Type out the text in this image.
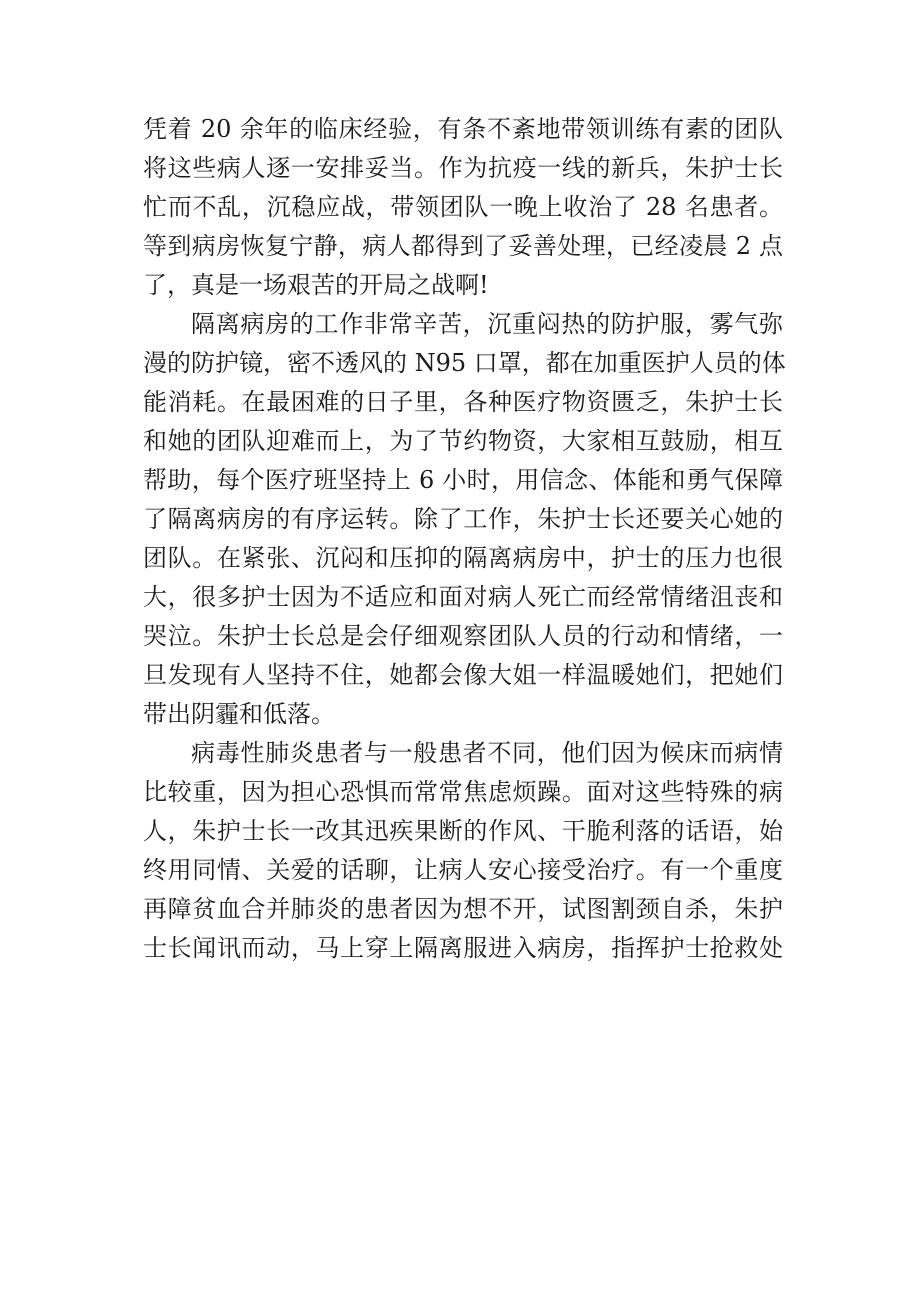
凭着 20 余年的临床经验，有条不紊地带领训练有素的团队
将这些病人逐一安排妥当。作为抗疫一线的新兵，朱护士长
忙而不乱，沉稳应战，带领团队一晚上收治了 28 名患者。
等到病房恢复宁静，病人都得到了妥善处理，已经凌晨 2 点
了，真是一场艰苦的开局之战啊!
隔离病房的工作非常辛苦，沉重闷热的防护服，雾气弥
漫的防护镜，密不透风的 N95 口罩，都在加重医护人员的体
能消耗。在最困难的日子里，各种医疗物资匮乏，朱护士长
和她的团队迎难而上，为了节约物资，大家相互鼓励，相互
帮助，每个医疗班坚持上 6 小时，用信念、体能和勇气保障
了隔离病房的有序运转。除了工作，朱护士长还要关心她的
团队。在紧张、沉闷和压抑的隔离病房中，护士的压力也很
大，很多护士因为不适应和面对病人死亡而经常情绪沮丧和
哭泣。朱护士长总是会仔细观察团队人员的行动和情绪，一
旦发现有人坚持不住，她都会像大姐一样温暖她们，把她们
带出阴霾和低落。
病毒性肺炎患者与一般患者不同，他们因为候床而病情
比较重，因为担心恐惧而常常焦虑烦躁。面对这些特殊的病
人，朱护士长一改其迅疾果断的作风、干脆利落的话语，始
终用同情、关爱的话聊，让病人安心接受治疗。有一个重度
再障贫血合并肺炎的患者因为想不开，试图割颈自杀，朱护
士长闻讯而动，马上穿上隔离服进入病房，指挥护士抢救处
